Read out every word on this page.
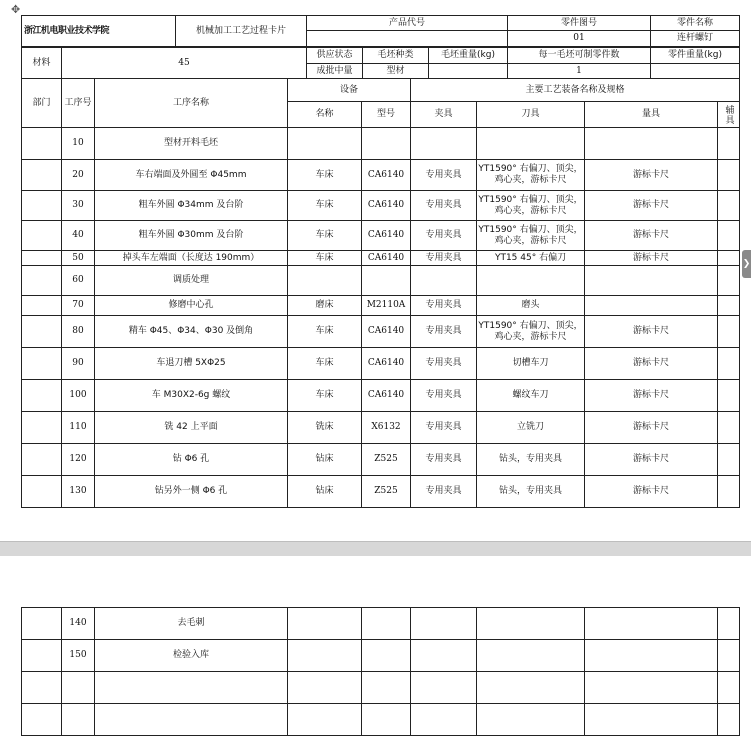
✥
浙江机电职业技术学院	机械加工工艺过程卡片	产品代号	零件图号	零件名称
			01	连杆螺钉
材料	45	供应状态	毛坯种类	毛坯重量(kg)	每一毛坯可制零件数	零件重量(kg)
		成批中量	型材		1	
部门	工序号	工序名称	设备		主要工艺装备名称及规格			
			名称	型号	夹具	刀具	量具	辅具
	10	型材开料毛坯						
	20	车右端面及外圆至 Φ45mm	车床	CA6140	专用夹具	YT1590° 右偏刀、顶尖，鸡心夹，游标卡尺	游标卡尺	
	30	粗车外圆 Φ34mm 及台阶	车床	CA6140	专用夹具	YT1590° 右偏刀、顶尖，鸡心夹，游标卡尺	游标卡尺	
	40	粗车外圆 Φ30mm 及台阶	车床	CA6140	专用夹具	YT1590° 右偏刀、顶尖，鸡心夹，游标卡尺	游标卡尺	
	50	掉头车左端面（长度达 190mm）	车床	CA6140	专用夹具	YT15 45° 右偏刀	游标卡尺	
	60	调质处理						
	70	修磨中心孔	磨床	M2110A	专用夹具	磨头		
	80	精车 Φ45、Φ34、Φ30 及倒角	车床	CA6140	专用夹具	YT1590° 右偏刀、顶尖，鸡心夹，游标卡尺	游标卡尺	
	90	车退刀槽 5XΦ25	车床	CA6140	专用夹具	切槽车刀	游标卡尺	
	100	车 M30X2-6g 螺纹	车床	CA6140	专用夹具	螺纹车刀	游标卡尺	
	110	铣 42 上平面	铣床	X6132	专用夹具	立铣刀	游标卡尺	
	120	钻 Φ6 孔	钻床	Z525	专用夹具	钻头，专用夹具	游标卡尺	
	130	钻另外一侧 Φ6 孔	钻床	Z525	专用夹具	钻头，专用夹具	游标卡尺	
❯
	140	去毛刺						
	150	检验入库						
